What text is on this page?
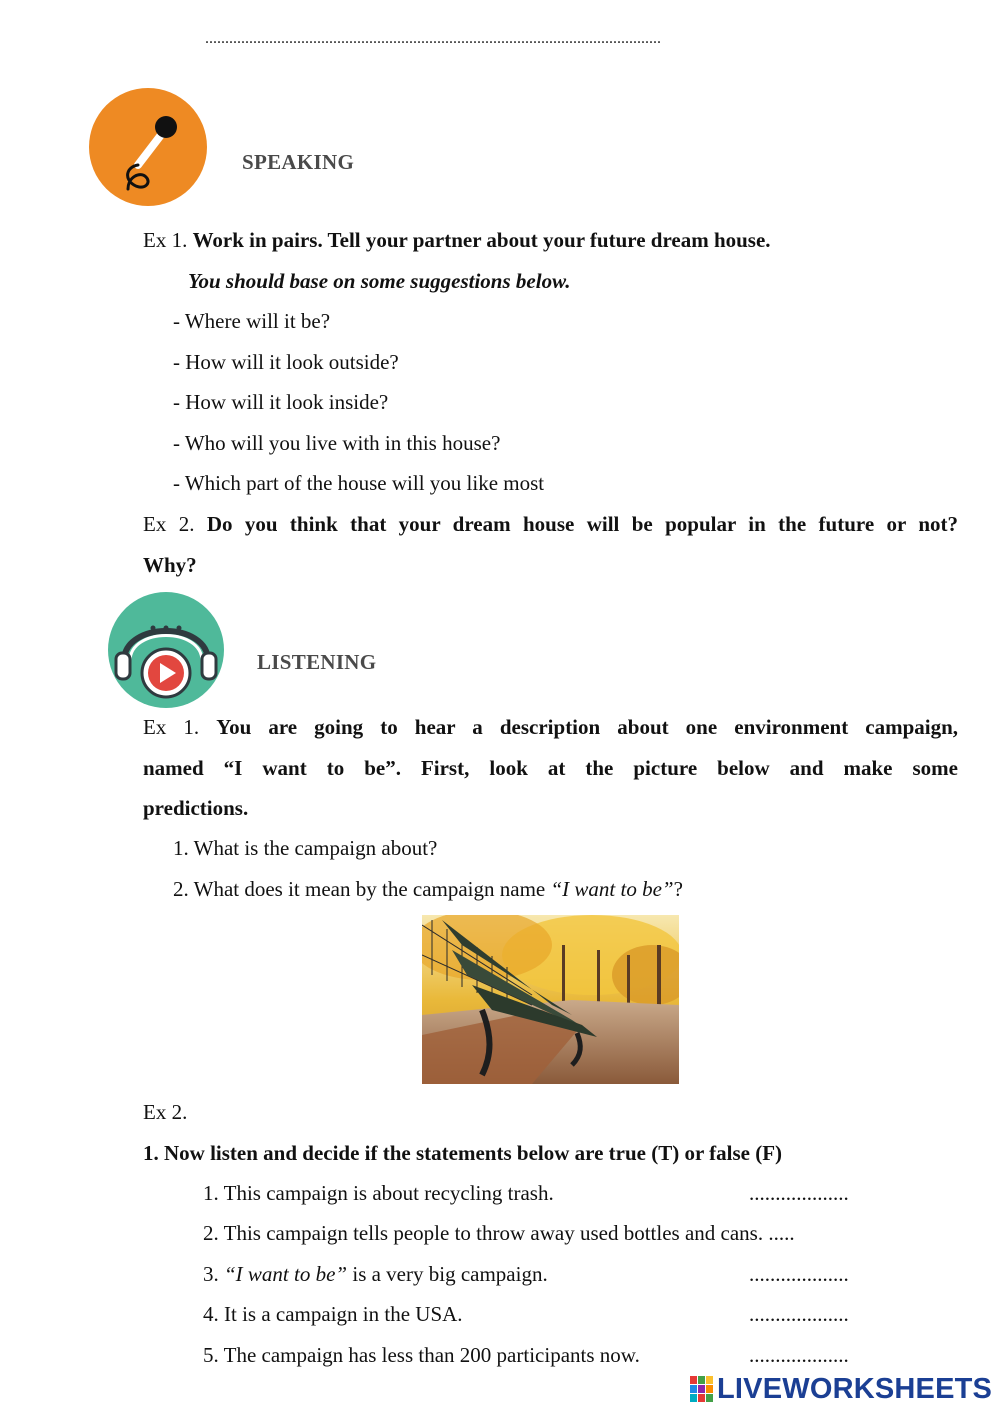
..................................................................................................................
SPEAKING
Ex 1. Work in pairs. Tell your partner about your future dream house.
You should base on some suggestions below.
- Where will it be?
- How will it look outside?
- How will it look inside?
- Who will you live with in this house?
- Which part of the house will you like most
Ex 2. Do you think that your dream house will be popular in the future or not?
Why?
LISTENING
Ex 1. You are going to hear a description about one environment campaign,
named “I want to be”. First, look at the picture below and make some
predictions.
1. What is the campaign about?
2. What does it mean by the campaign name “I want to be”?
Ex 2.
1. Now listen and decide if the statements below are true (T) or false (F)
1. This campaign is about recycling trash.	...................
2. This campaign tells people to throw away used bottles and cans. .....
3. “I want to be” is a very big campaign.	...................
4. It is a campaign in the USA.	...................
5. The campaign has less than 200 participants now.	...................
LIVEWORKSHEETS
